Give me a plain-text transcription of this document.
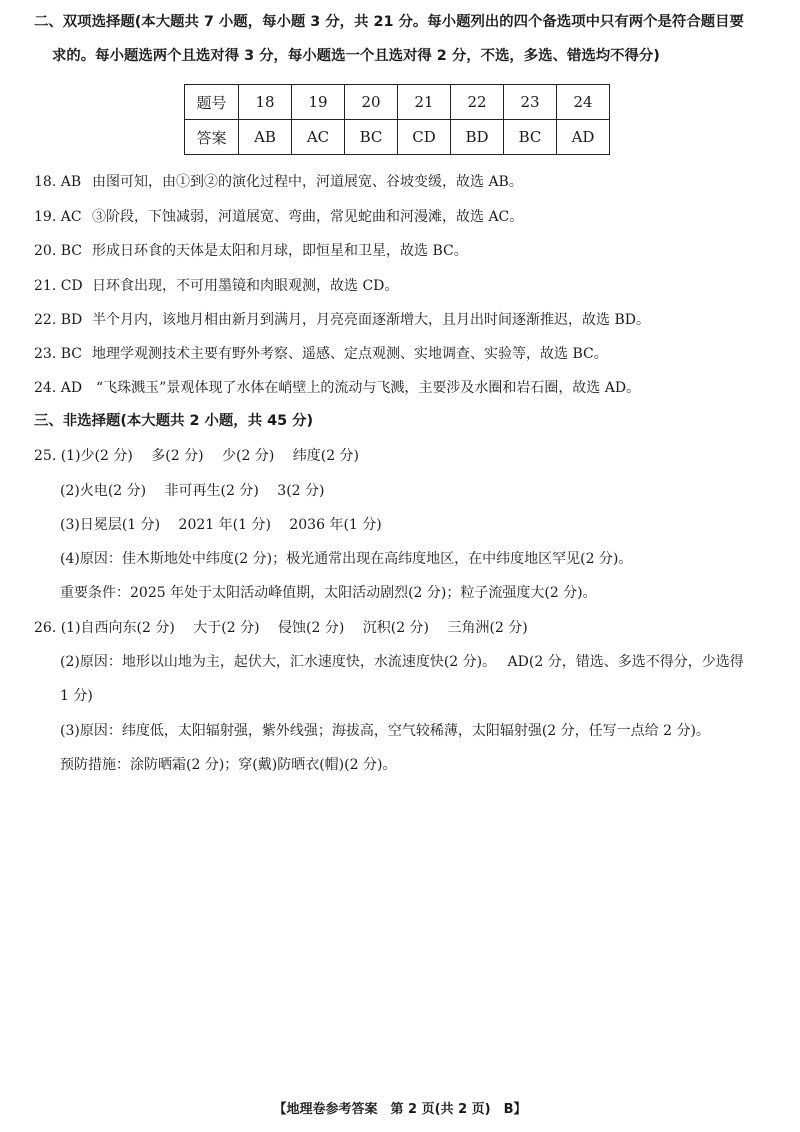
二、双项选择题(本大题共 7 小题，每小题 3 分，共 21 分。每小题列出的四个备选项中只有两个是符合题目要
求的。每小题选两个且选对得 3 分，每小题选一个且选对得 2 分，不选，多选、错选均不得分)
题号	18	19	20	21	22	23	24
答案	AB	AC	BC	CD	BD	BC	AD
18. AB 由图可知，由①到②的演化过程中，河道展宽、谷坡变缓，故选 AB。
19. AC ③阶段，下蚀减弱，河道展宽、弯曲，常见蛇曲和河漫滩，故选 AC。
20. BC 形成日环食的天体是太阳和月球，即恒星和卫星，故选 BC。
21. CD 日环食出现，不可用墨镜和肉眼观测，故选 CD。
22. BD 半个月内，该地月相由新月到满月，月亮亮面逐渐增大，且月出时间逐渐推迟，故选 BD。
23. BC 地理学观测技术主要有野外考察、遥感、定点观测、实地调查、实验等，故选 BC。
24. AD “飞珠溅玉”景观体现了水体在峭壁上的流动与飞溅，主要涉及水圈和岩石圈，故选 AD。
三、非选择题(本大题共 2 小题，共 45 分)
25. (1)少(2 分)　 多(2 分)　 少(2 分)　 纬度(2 分)
(2)火电(2 分)　 非可再生(2 分)　 3(2 分)
(3)日冕层(1 分)　 2021 年(1 分)　 2036 年(1 分)
(4)原因：佳木斯地处中纬度(2 分)；极光通常出现在高纬度地区，在中纬度地区罕见(2 分)。
重要条件：2025 年处于太阳活动峰值期，太阳活动剧烈(2 分)；粒子流强度大(2 分)。
26. (1)自西向东(2 分)　 大于(2 分)　 侵蚀(2 分)　 沉积(2 分)　 三角洲(2 分)
(2)原因：地形以山地为主，起伏大，汇水速度快，水流速度快(2 分)。　 AD(2 分，错选、多选不得分，少选得
1 分)
(3)原因：纬度低，太阳辐射强，紫外线强；海拔高，空气较稀薄，太阳辐射强(2 分，任写一点给 2 分)。
预防措施：涂防晒霜(2 分)；穿(戴)防晒衣(帽)(2 分)。
【地理卷参考答案　第 2 页(共 2 页)　B】
